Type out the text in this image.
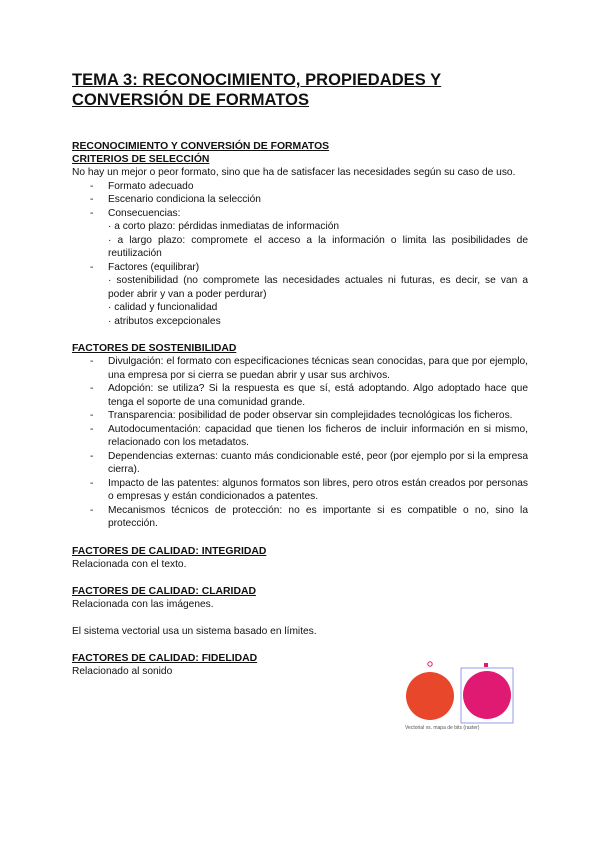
TEMA 3: RECONOCIMIENTO, PROPIEDADES Y CONVERSIÓN DE FORMATOS

RECONOCIMIENTO Y CONVERSIÓN DE FORMATOS

CRITERIOS DE SELECCIÓN

No hay un mejor o peor formato, sino que ha de satisfacer las necesidades según su caso de uso.

- Formato adecuado
- Escenario condiciona la selección
- Consecuencias:
· a corto plazo: pérdidas inmediatas de información
· a largo plazo: compromete el acceso a la información o limita las posibilidades de reutilización
- Factores (equilibrar)
· sostenibilidad (no compromete las necesidades actuales ni futuras, es decir, se van a poder abrir y van a poder perdurar)
· calidad y funcionalidad
· atributos excepcionales

FACTORES DE SOSTENIBILIDAD

- Divulgación: el formato con especificaciones técnicas sean conocidas, para que por ejemplo, una empresa por si cierra se puedan abrir y usar sus archivos.
- Adopción: se utiliza? Si la respuesta es que sí, está adoptando. Algo adoptado hace que tenga el soporte de una comunidad grande.
- Transparencia: posibilidad de poder observar sin complejidades tecnológicas los ficheros.
- Autodocumentación: capacidad que tienen los ficheros de incluir información en si mismo, relacionado con los metadatos.
- Dependencias externas: cuanto más condicionable esté, peor (por ejemplo por si la empresa cierra).
- Impacto de las patentes: algunos formatos son libres, pero otros están creados por personas o empresas y están condicionados a patentes.
- Mecanismos técnicos de protección: no es importante si es compatible o no, sino la protección.

FACTORES DE CALIDAD: INTEGRIDAD

Relacionada con el texto.

FACTORES DE CALIDAD: CLARIDAD

Relacionada con las imágenes.

El sistema vectorial usa un sistema basado en límites.

FACTORES DE CALIDAD: FIDELIDAD

Relacionado al sonido

Vectorial vs. mapa de bits (raster)
